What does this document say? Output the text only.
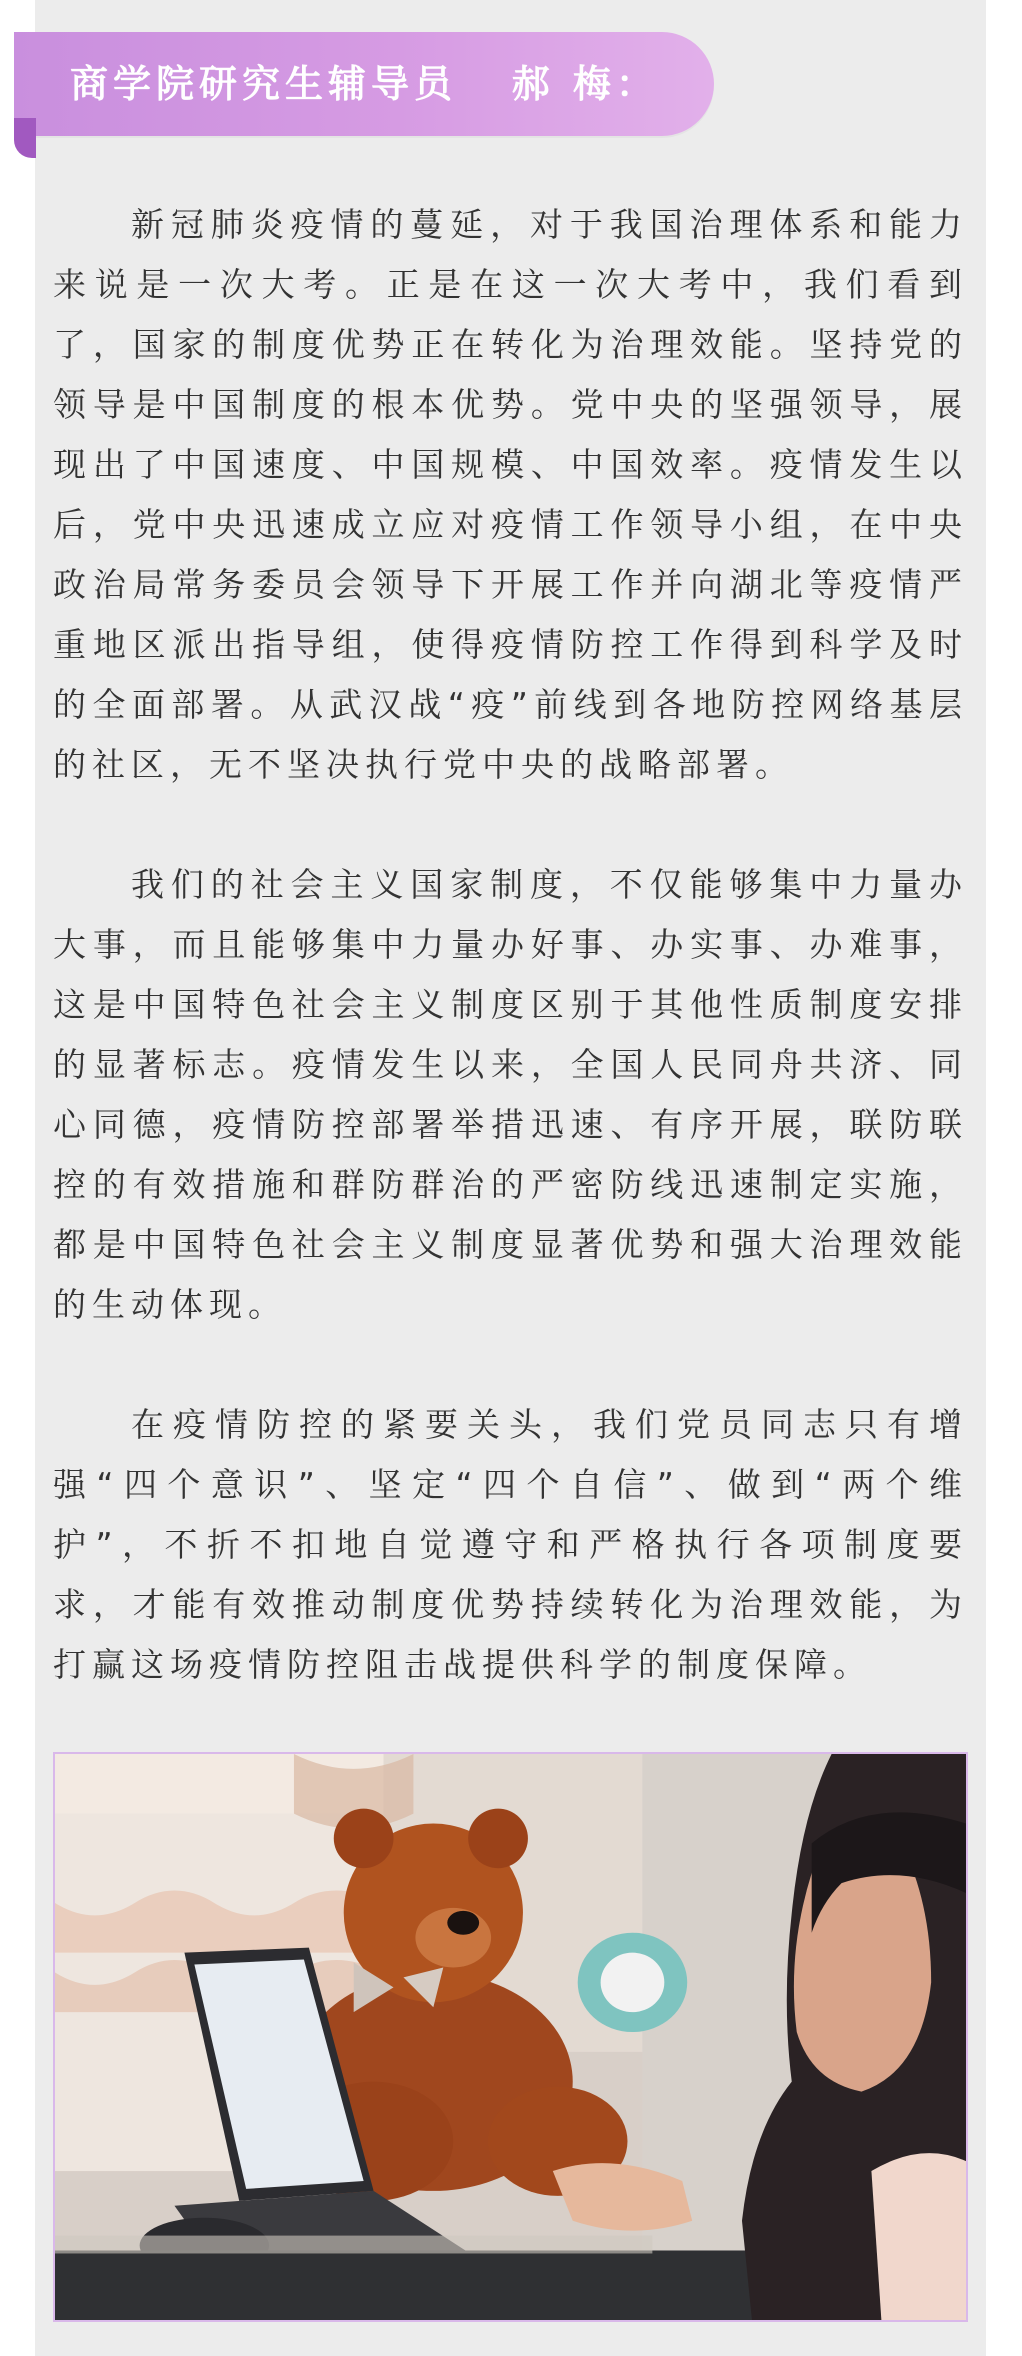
商学院研究生辅导员   郝 梅：

新冠肺炎疫情的蔓延，对于我国治理体系和能力来说是一次大考。正是在这一次大考中，我们看到了，国家的制度优势正在转化为治理效能。坚持党的领导是中国制度的根本优势。党中央的坚强领导，展现出了中国速度、中国规模、中国效率。疫情发生以后，党中央迅速成立应对疫情工作领导小组，在中央政治局常务委员会领导下开展工作并向湖北等疫情严重地区派出指导组，使得疫情防控工作得到科学及时的全面部署。从武汉战“疫”前线到各地防控网络基层的社区，无不坚决执行党中央的战略部署。

我们的社会主义国家制度，不仅能够集中力量办大事，而且能够集中力量办好事、办实事、办难事，这是中国特色社会主义制度区别于其他性质制度安排的显著标志。疫情发生以来，全国人民同舟共济、同心同德，疫情防控部署举措迅速、有序开展，联防联控的有效措施和群防群治的严密防线迅速制定实施，都是中国特色社会主义制度显著优势和强大治理效能的生动体现。

在疫情防控的紧要关头，我们党员同志只有增强“四个意识”、坚定“四个自信”、做到“两个维护”，不折不扣地自觉遵守和严格执行各项制度要求，才能有效推动制度优势持续转化为治理效能，为打赢这场疫情防控阻击战提供科学的制度保障。
